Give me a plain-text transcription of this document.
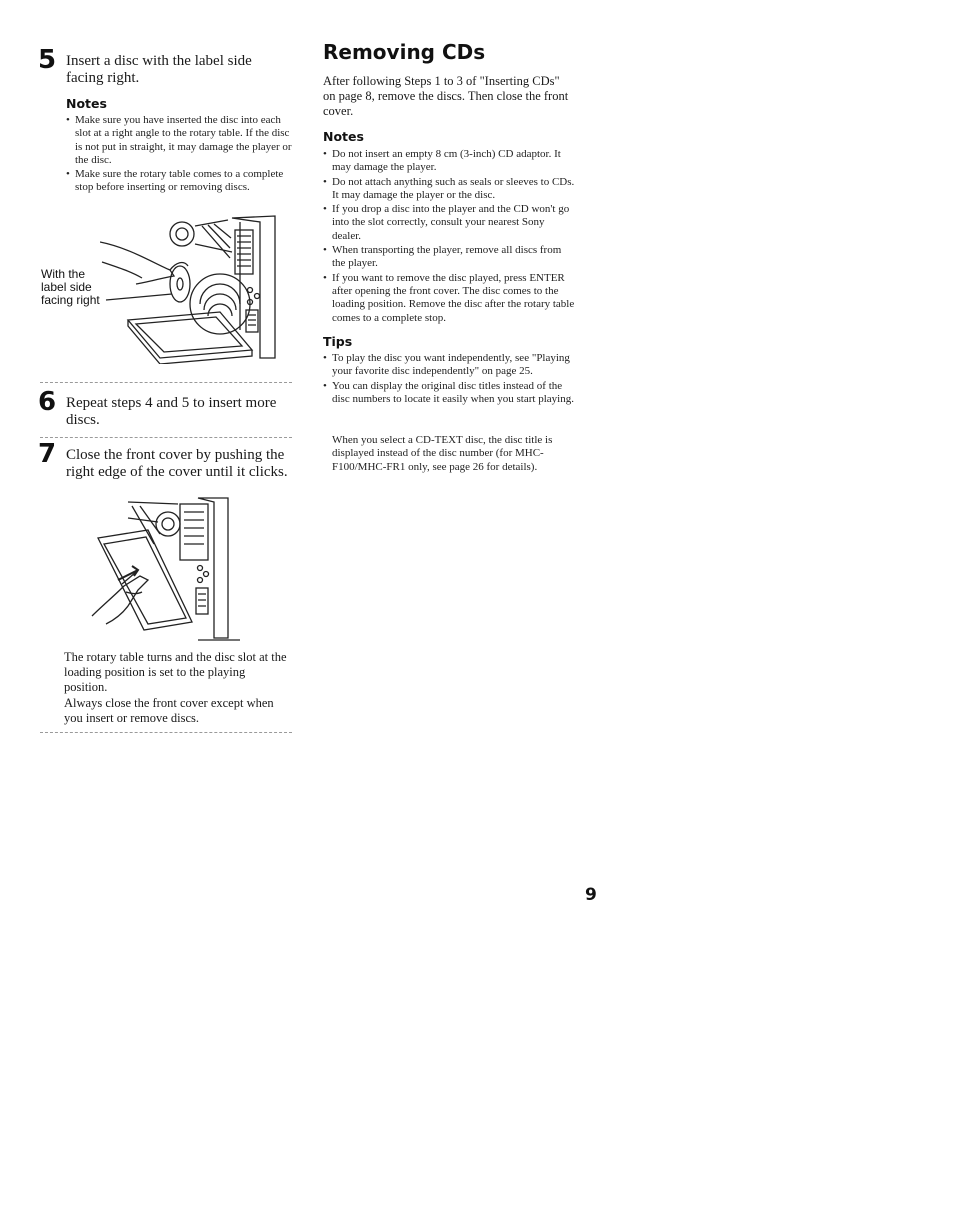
5 Insert a disc with the label side facing right.
Notes
• Make sure you have inserted the disc into each slot at a right angle to the rotary table. If the disc is not put in straight, it may damage the player or the disc.
• Make sure the rotary table comes to a complete stop before inserting or removing discs.
With the
label side
facing right
6 Repeat steps 4 and 5 to insert more discs.
7 Close the front cover by pushing the right edge of the cover until it clicks.

The rotary table turns and the disc slot at the loading position is set to the playing position.

Always close the front cover except when you insert or remove discs.

Removing CDs

After following Steps 1 to 3 of "Inserting CDs" on page 8, remove the discs. Then close the front cover.

Notes
• Do not insert an empty 8 cm (3-inch) CD adaptor. It may damage the player.
• Do not attach anything such as seals or sleeves to CDs. It may damage the player or the disc.
• If you drop a disc into the player and the CD won't go into the slot correctly, consult your nearest Sony dealer.
• When transporting the player, remove all discs from the player.
• If you want to remove the disc played, press ENTER after opening the front cover. The disc comes to the loading position. Remove the disc after the rotary table comes to a complete stop.
Tips
• To play the disc you want independently, see "Playing your favorite disc independently" on page 25.
• You can display the original disc titles instead of the disc numbers to locate it easily when you start playing.

When you select a CD-TEXT disc, the disc title is displayed instead of the disc number (for MHC-F100/MHC-FR1 only, see page 26 for details).

9
